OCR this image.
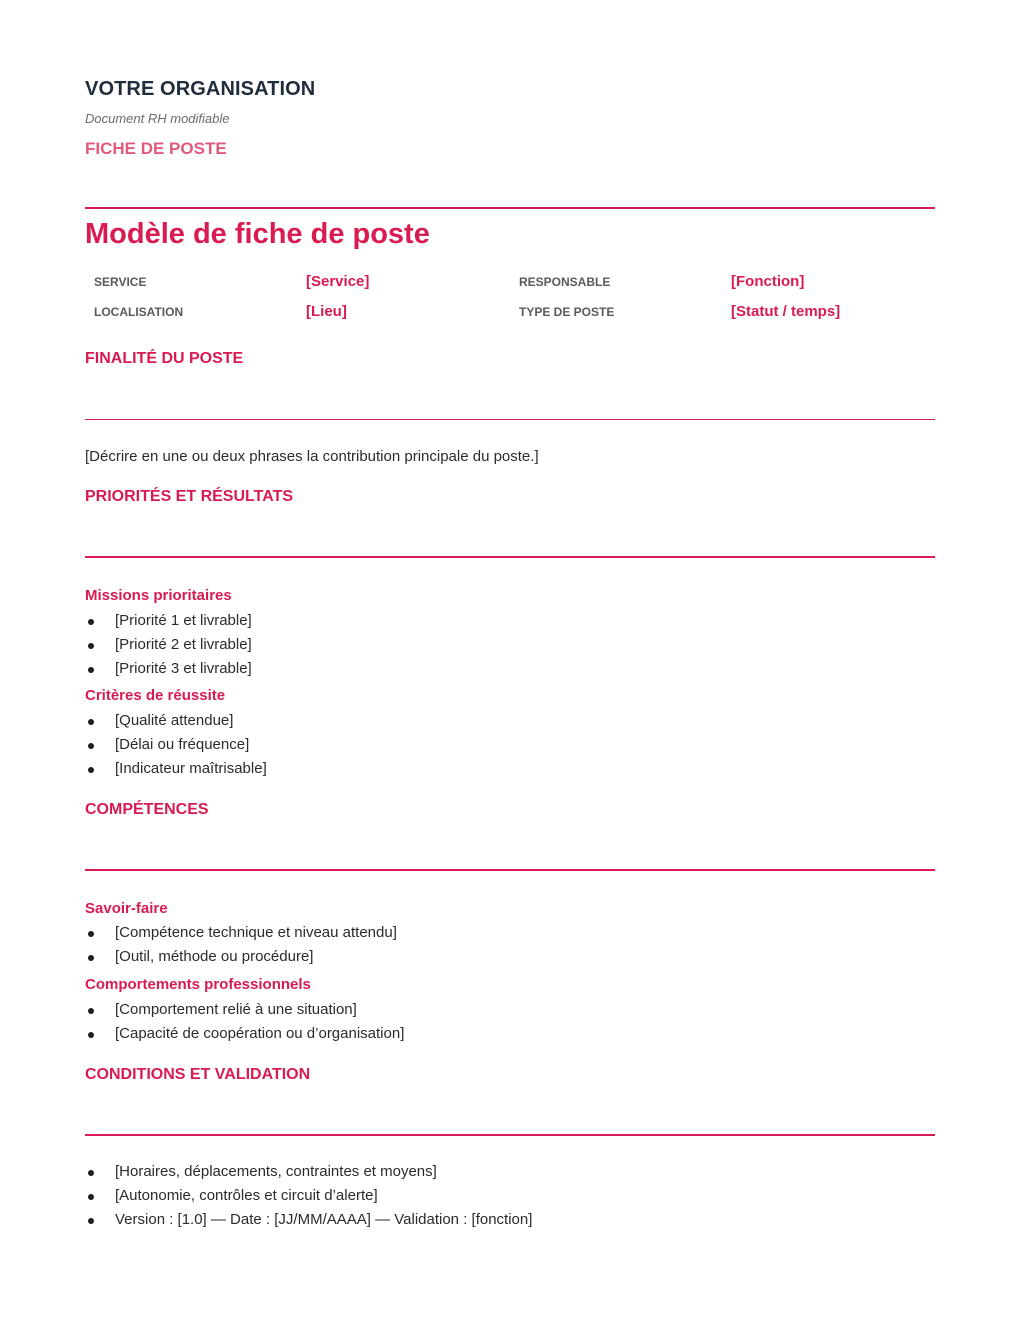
VOTRE ORGANISATION
Document RH modifiable
FICHE DE POSTE
Modèle de fiche de poste
SERVICE	[Service]	RESPONSABLE	[Fonction]
LOCALISATION	[Lieu]	TYPE DE POSTE	[Statut / temps]
FINALITÉ DU POSTE
[Décrire en une ou deux phrases la contribution principale du poste.]
PRIORITÉS ET RÉSULTATS
Missions prioritaires
[Priorité 1 et livrable]
[Priorité 2 et livrable]
[Priorité 3 et livrable]
Critères de réussite
[Qualité attendue]
[Délai ou fréquence]
[Indicateur maîtrisable]
COMPÉTENCES
Savoir-faire
[Compétence technique et niveau attendu]
[Outil, méthode ou procédure]
Comportements professionnels
[Comportement relié à une situation]
[Capacité de coopération ou d’organisation]
CONDITIONS ET VALIDATION
[Horaires, déplacements, contraintes et moyens]
[Autonomie, contrôles et circuit d’alerte]
Version : [1.0] — Date : [JJ/MM/AAAA] — Validation : [fonction]
